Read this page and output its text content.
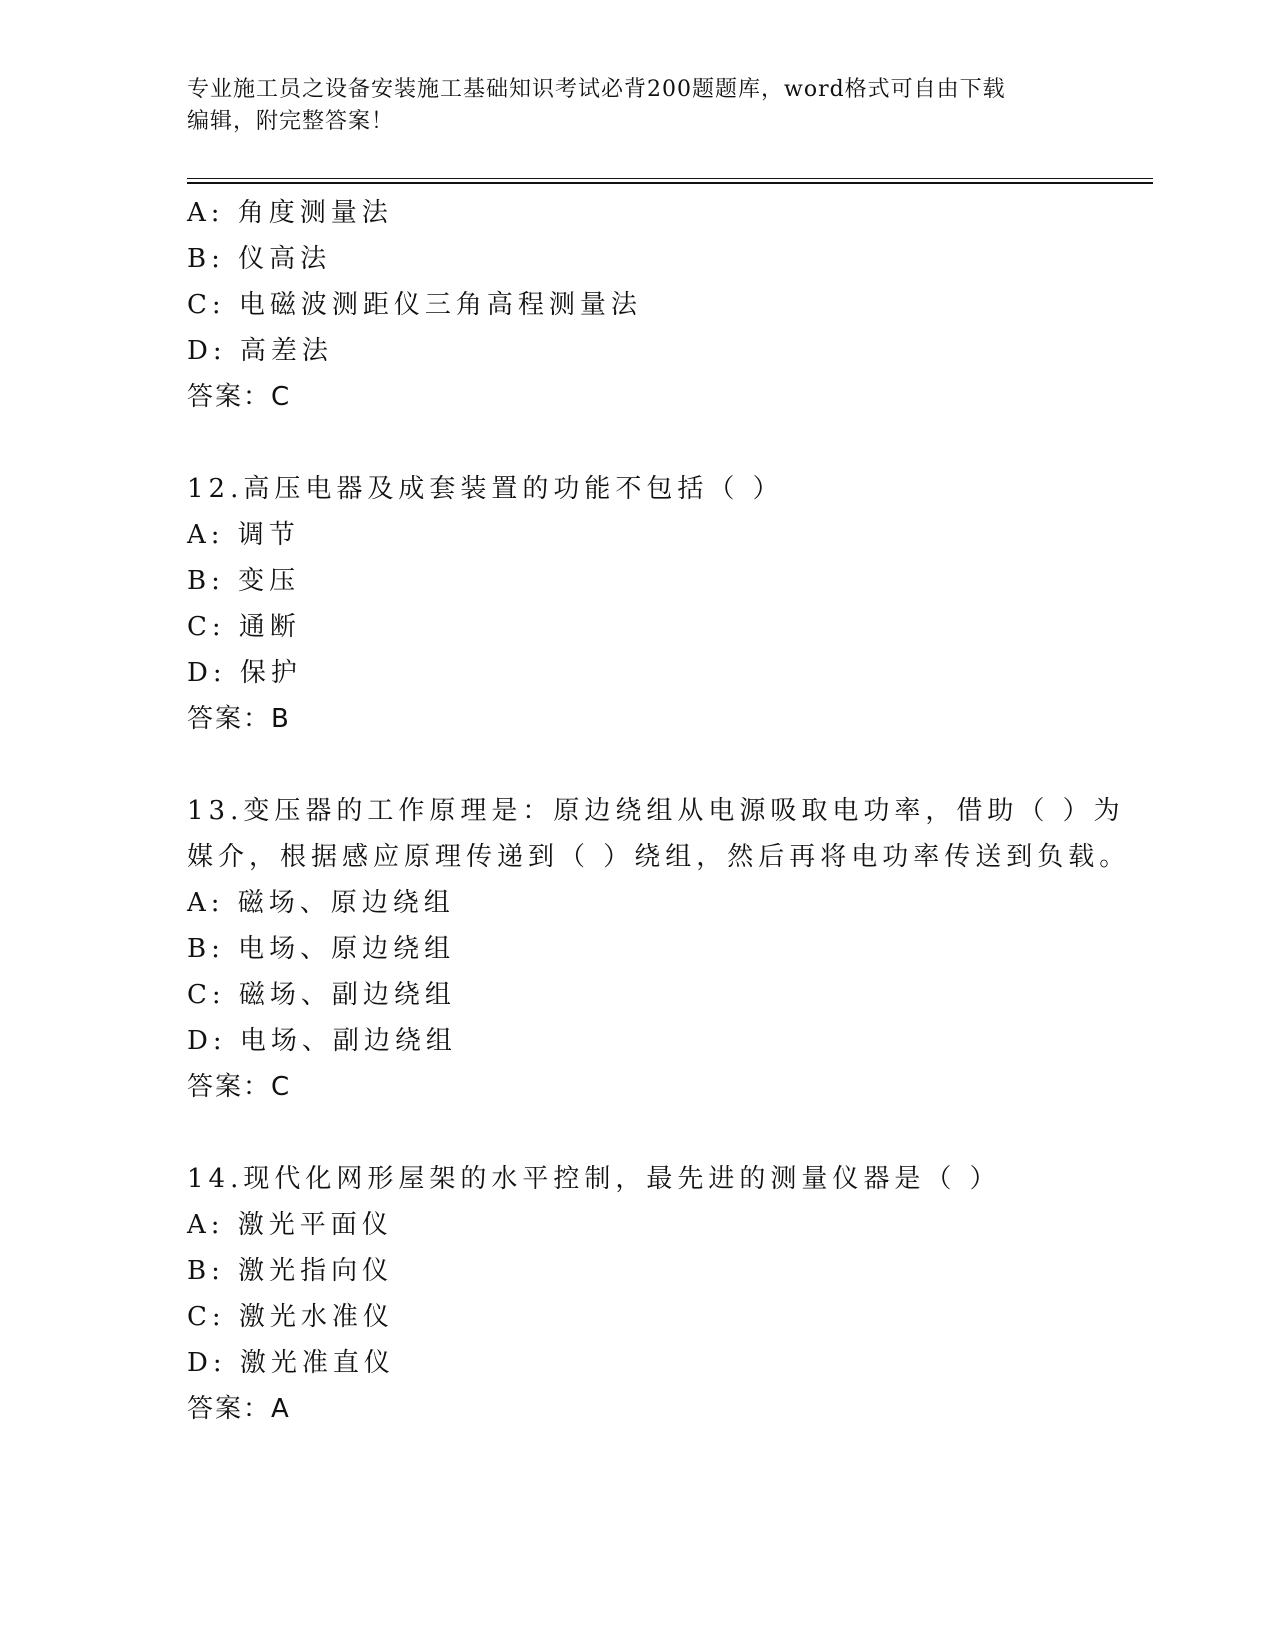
专业施工员之设备安装施工基础知识考试必背200题题库，word格式可自由下载
编辑，附完整答案！
A: 角度测量法
B: 仪高法
C: 电磁波测距仪三角高程测量法
D: 高差法
答案：C
12.高压电器及成套装置的功能不包括（ ）
A: 调节
B: 变压
C: 通断
D: 保护
答案：B
13.变压器的工作原理是：原边绕组从电源吸取电功率，借助（ ）为
媒介，根据感应原理传递到（ ）绕组，然后再将电功率传送到负载。
A: 磁场、原边绕组
B: 电场、原边绕组
C: 磁场、副边绕组
D: 电场、副边绕组
答案：C
14.现代化网形屋架的水平控制，最先进的测量仪器是（ ）
A: 激光平面仪
B: 激光指向仪
C: 激光水准仪
D: 激光准直仪
答案：A
